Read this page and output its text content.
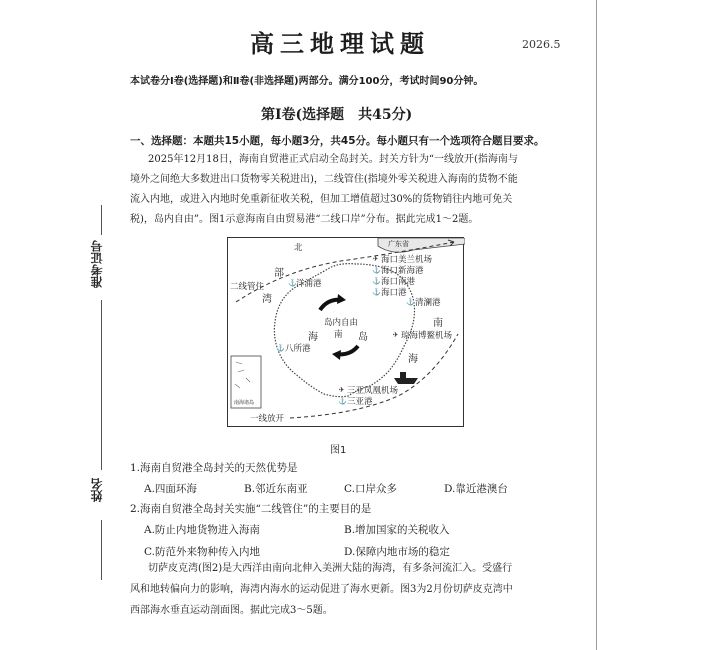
准考证号
姓名
高三地理试题	2026.5
本试卷分Ⅰ卷(选择题)和Ⅱ卷(非选择题)两部分。满分100分，考试时间90分钟。
第Ⅰ卷(选择题　共45分)
一、选择题：本题共15小题，每小题3分，共45分。每小题只有一个选项符合题目要求。
2025年12月18日，海南自贸港正式启动全岛封关。封关方针为“一线放开(指海南与
境外之间绝大多数进出口货物零关税进出)，二线管住(指境外零关税进入海南的货物不能
流入内地，或进入内地时免重新征收关税，但加工增值超过30%的货物销往内地可免关
税)，岛内自由”。图1示意海南自由贸易港“二线口岸”分布。据此完成1～2题。
北	广东省
✈ 海口美兰机场
⚓ 海口新海港
⚓ 海口南港
⚓ 海口港
部
⚓ 洋浦港
二线管住
湾	⚓ 清澜港
南
✈ 琼海博鳌机场
海
岛内自由
海 南 岛
⚓ 八所港
✈ 三亚凤凰机场
⚓ 三亚港
南海诸岛
一线放开
图1
1.海南自贸港全岛封关的天然优势是
A.四面环海	B.邻近东南亚	C.口岸众多	D.靠近港澳台
2.海南自贸港全岛封关实施“二线管住”的主要目的是
A.防止内地货物进入海南	B.增加国家的关税收入
C.防范外来物种传入内地	D.保障内地市场的稳定
切萨皮克湾(图2)是大西洋由南向北伸入美洲大陆的海湾，有多条河流汇入。受盛行
风和地转偏向力的影响，海湾内海水的运动促进了海水更新。图3为2月份切萨皮克湾中
西部海水垂直运动剖面图。据此完成3～5题。
